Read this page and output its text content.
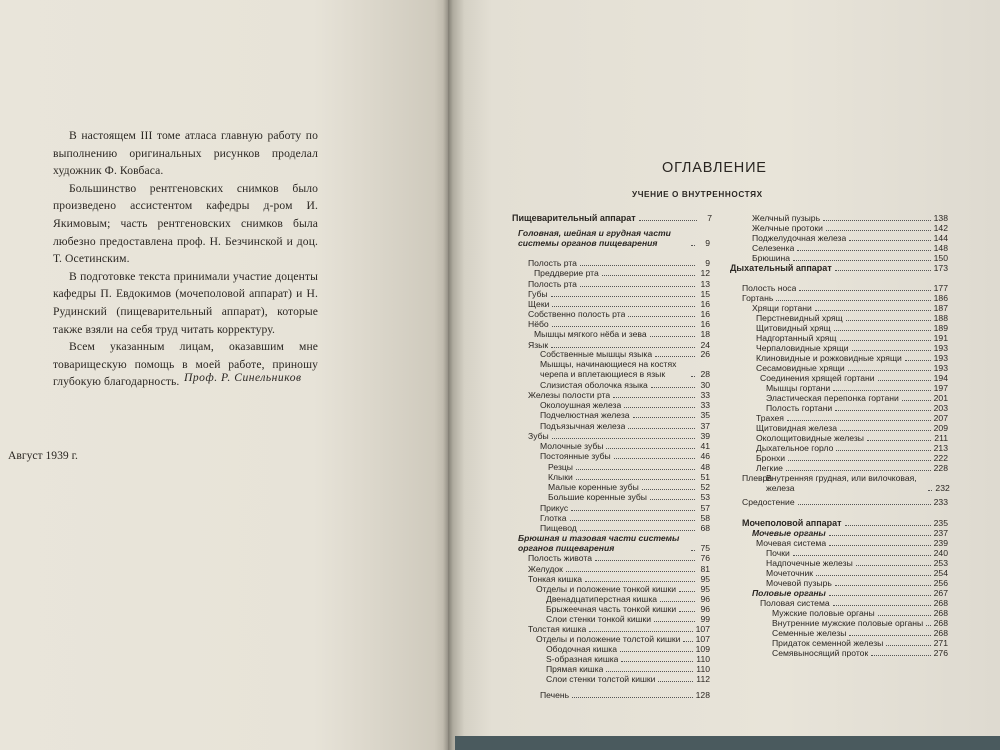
В настоящем III томе атласа главную работу по выполнению оригинальных рисунков проделал художник Ф. Ковбаса.

Большинство рентгеновских снимков было произведено ассистентом кафедры д-ром И. Якимовым; часть рентгеновских снимков была любезно предоставлена проф. Н. Безчинской и доц. Т. Осетинским.

В подготовке текста принимали участие доценты кафедры П. Евдокимов (мочеполовой аппарат) и Н. Рудинский (пищеварительный аппарат), которые также взяли на себя труд читать корректуру.

Всем указанным лицам, оказавшим мне товарищескую помощь в моей работе, приношу глубокую благодарность. Проф. Р. Синельников
Август 1939 г.
ОГЛАВЛЕНИЕ
УЧЕНИЕ О ВНУТРЕННОСТЯХ
Пищеварительный аппарат	7
Головная, шейная и грудная части системы органов пищеварения	9
Полость рта	9
Преддверие рта	12
Полость рта	13
Губы	15
Щеки	16
Собственно полость рта	16
Нёбо	16
Мышцы мягкого нёба и зева	18
Язык	24
Собственные мышцы языка	26
Мышцы, начинающиеся на костях черепа и вплетающиеся в язык	28
Слизистая оболочка языка	30
Железы полости рта	33
Околоушная железа	33
Подчелюстная железа	35
Подъязычная железа	37
Зубы	39
Молочные зубы	41
Постоянные зубы	46
Резцы	48
Клыки	51
Малые коренные зубы	52
Большие коренные зубы	53
Прикус	57
Глотка	58
Пищевод	68
Брюшная и тазовая части системы органов пищеварения	75
Полость живота	76
Желудок	81
Тонкая кишка	95
Отделы и положение тонкой кишки	95
Двенадцатиперстная кишка	96
Брыжеечная часть тонкой кишки	96
Слои стенки тонкой кишки	99
Толстая кишка	107
Отделы и положение толстой кишки 107
Ободочная кишка	109
S-образная кишка	110
Прямая кишка	110
Слои стенки толстой кишки	112
Печень	128
Желчный пузырь	138
Желчные протоки	142
Поджелудочная железа	144
Селезенка	148
Брюшина	150
Дыхательный аппарат	173
Полость носа	177
Гортань	186
Хрящи гортани	187
Перстневидный хрящ	188
Щитовидный хрящ	189
Надгортанный хрящ	191
Черпаловидные хрящи	193
Клиновидные и рожковидные хрящи	193
Сесамовидные хрящи	193
Соединения хрящей гортани	194
Мышцы гортани	197
Эластическая перепонка гортани	201
Полость гортани	203
Трахея	207
Щитовидная железа	209
Околощитовидные железы	211
Дыхательное горло	213
Бронхи	222
Легкие	228
Плевра
Внутренняя грудная, или вилочковая, железа	232
Средостение	233
Мочеполовой аппарат	235
Мочевые органы	237
Мочевая система	239
Почки	240
Надпочечные железы	253
Мочеточник	254
Мочевой пузырь	256
Половые органы	267
Половая система	268
Мужские половые органы	268
Внутренние мужские половые органы 268
Семенные железы	268
Придаток семенной железы	271
Семявыносящий проток	276
